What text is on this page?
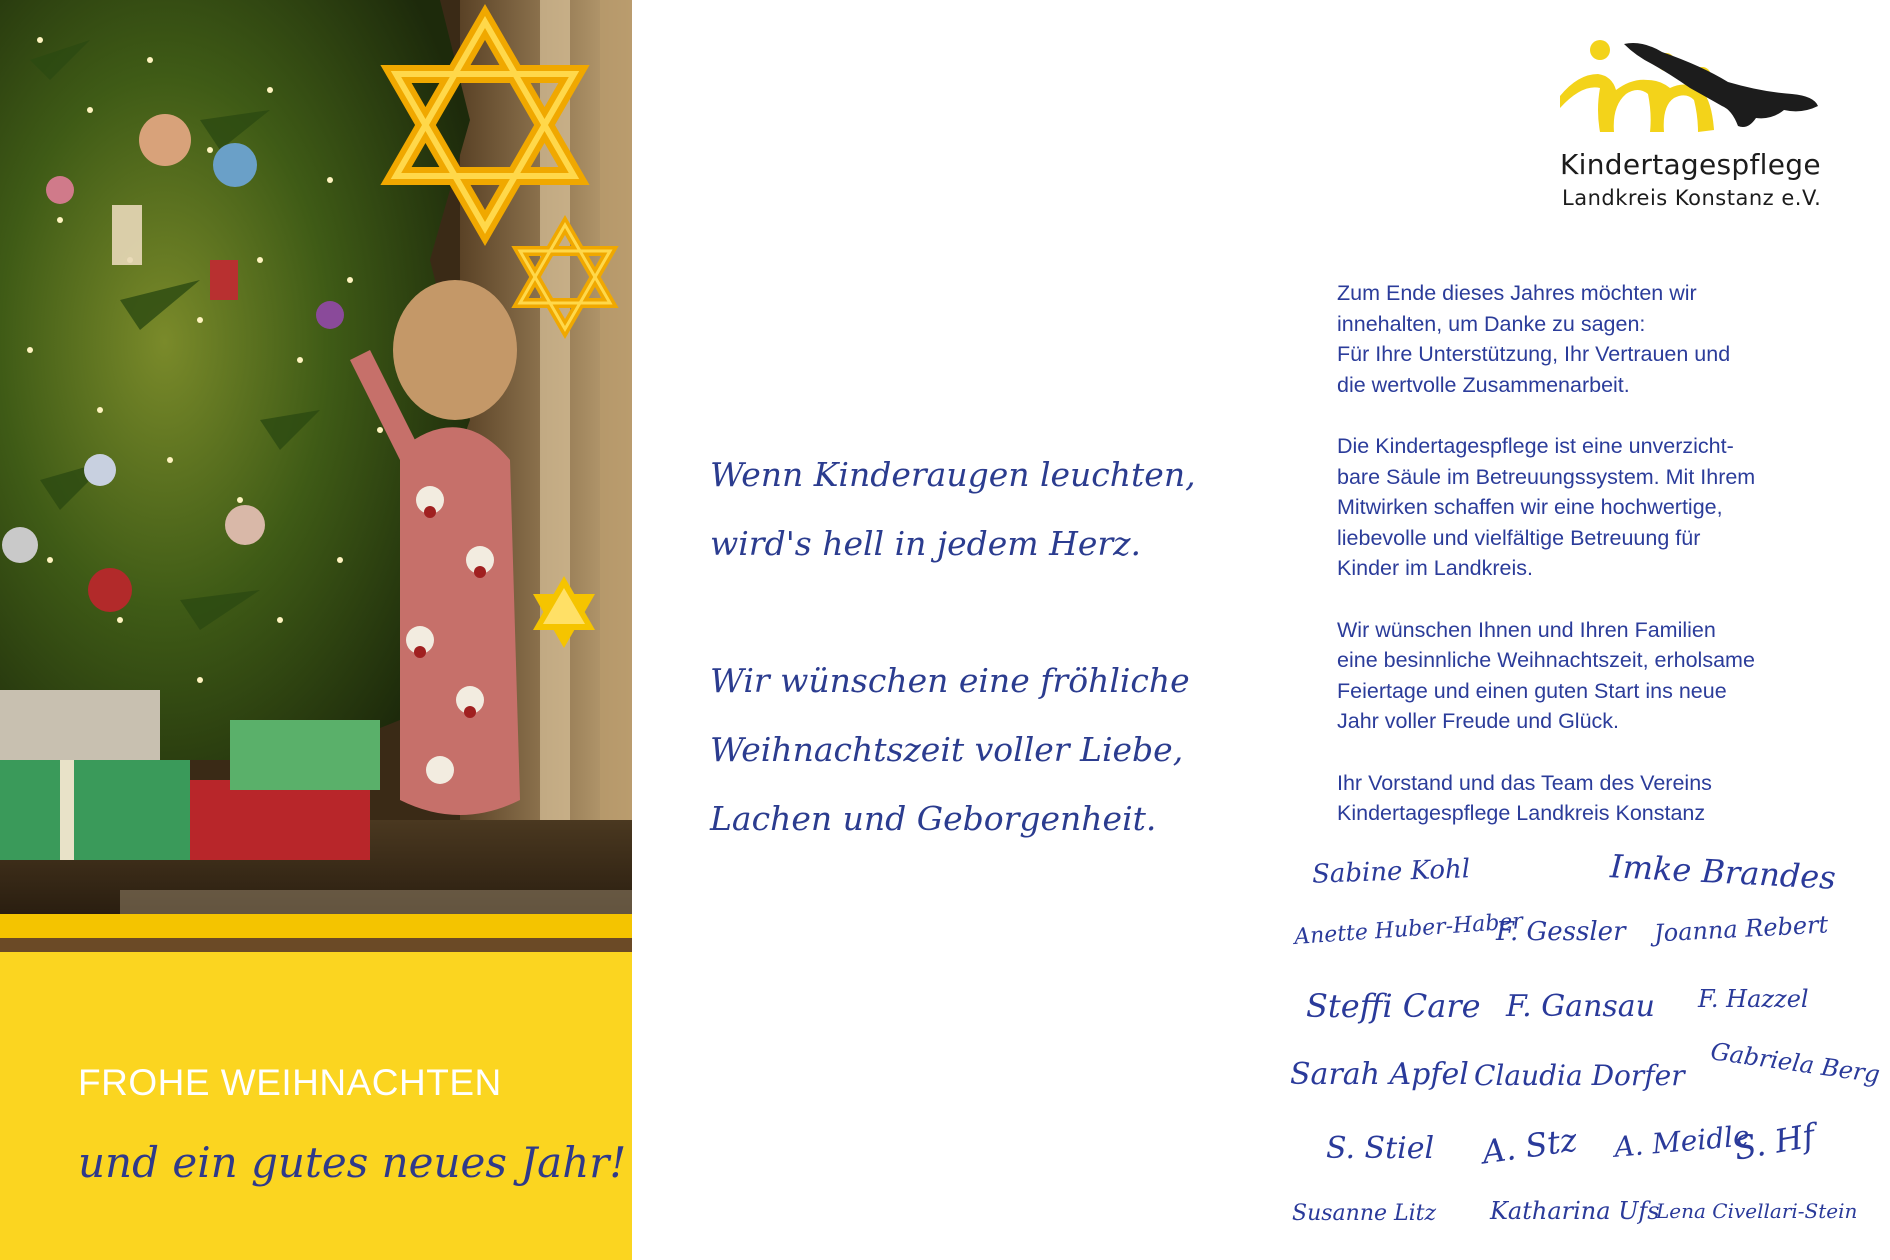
FROHE WEIHNACHTEN
und ein gutes neues Jahr!
Wenn Kinderaugen leuchten,
wird's hell in jedem Herz.
Wir wünschen eine fröhliche
Weihnachtszeit voller Liebe,
Lachen und Geborgenheit.
Kindertagespflege
Landkreis Konstanz e.V.

Zum Ende dieses Jahres möchten wir
innehalten, um Danke zu sagen:
Für Ihre Unterstützung, Ihr Vertrauen und
die wertvolle Zusammenarbeit.

Die Kindertagespflege ist eine unverzicht-
bare Säule im Betreuungssystem. Mit Ihrem
Mitwirken schaffen wir eine hochwertige,
liebevolle und vielfältige Betreuung für
Kinder im Landkreis.

Wir wünschen Ihnen und Ihren Familien
eine besinnliche Weihnachtszeit, erholsame
Feiertage und einen guten Start ins neue
Jahr voller Freude und Glück.

Ihr Vorstand und das Team des Vereins
Kindertagespflege Landkreis Konstanz

Sabine Kohl	Imke Brandes
Anette Huber-Haber
F. Gessler Joanna Rebert
Steffi Care F. Gansau F. Hazzel
Sarah Apfel Claudia Dorfer Gabriela Berg
S. Stiel A. Stz A. Meidle
S. Hf
Susanne Litz Katharina Ufs
Lena Civellari-Stein
